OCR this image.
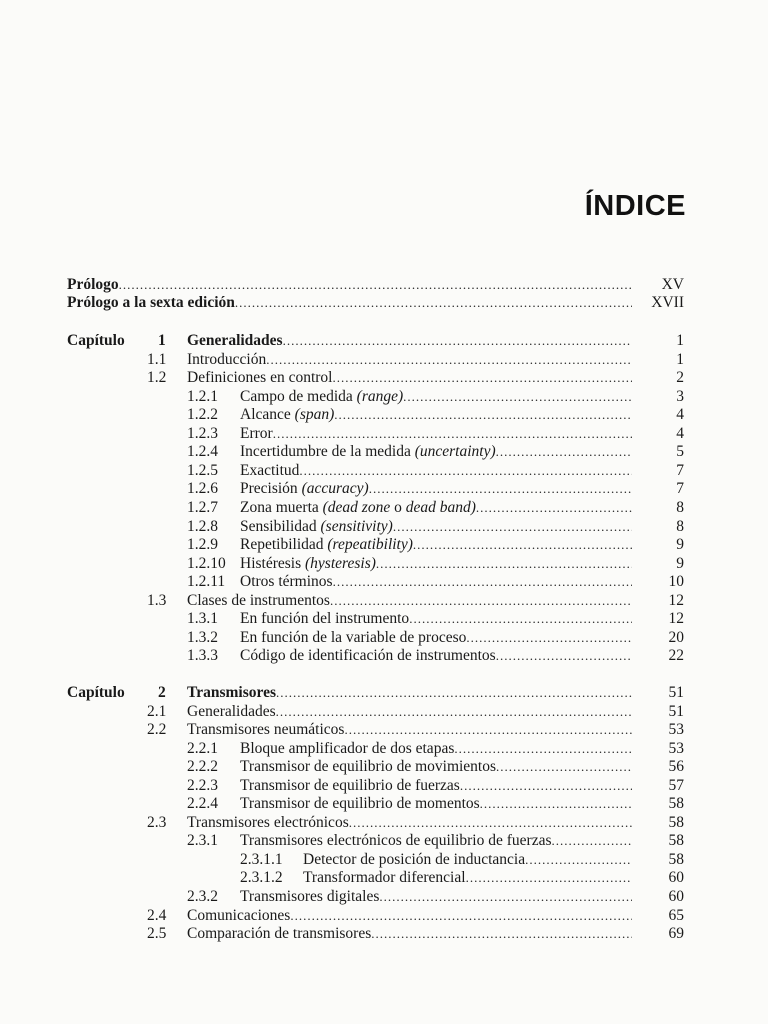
ÍNDICE
Prólogo .....	XV
Prólogo a la sexta edición .....	XVII
Capítulo 1 Generalidades .....	1
1.1 Introducción .....	1
1.2 Definiciones en control .....	2
1.2.1 Campo de medida (range) .....	3
1.2.2 Alcance (span) .....	4
1.2.3 Error .....	4
1.2.4 Incertidumbre de la medida (uncertainty) .....	5
1.2.5 Exactitud .....	7
1.2.6 Precisión (accuracy) .....	7
1.2.7 Zona muerta (dead zone o dead band) .....	8
1.2.8 Sensibilidad (sensitivity) .....	8
1.2.9 Repetibilidad (repeatibility) .....	9
1.2.10 Histéresis (hysteresis) .....	9
1.2.11 Otros términos .....	10
1.3 Clases de instrumentos .....	12
1.3.1 En función del instrumento .....	12
1.3.2 En función de la variable de proceso .....	20
1.3.3 Código de identificación de instrumentos .....	22
Capítulo 2 Transmisores .....	51
2.1 Generalidades .....	51
2.2 Transmisores neumáticos .....	53
2.2.1 Bloque amplificador de dos etapas .....	53
2.2.2 Transmisor de equilibrio de movimientos .....	56
2.2.3 Transmisor de equilibrio de fuerzas .....	57
2.2.4 Transmisor de equilibrio de momentos .....	58
2.3 Transmisores electrónicos .....	58
2.3.1 Transmisores electrónicos de equilibrio de fuerzas .....	58
2.3.1.1 Detector de posición de inductancia .....	58
2.3.1.2 Transformador diferencial .....	60
2.3.2 Transmisores digitales .....	60
2.4 Comunicaciones .....	65
2.5 Comparación de transmisores .....	69
